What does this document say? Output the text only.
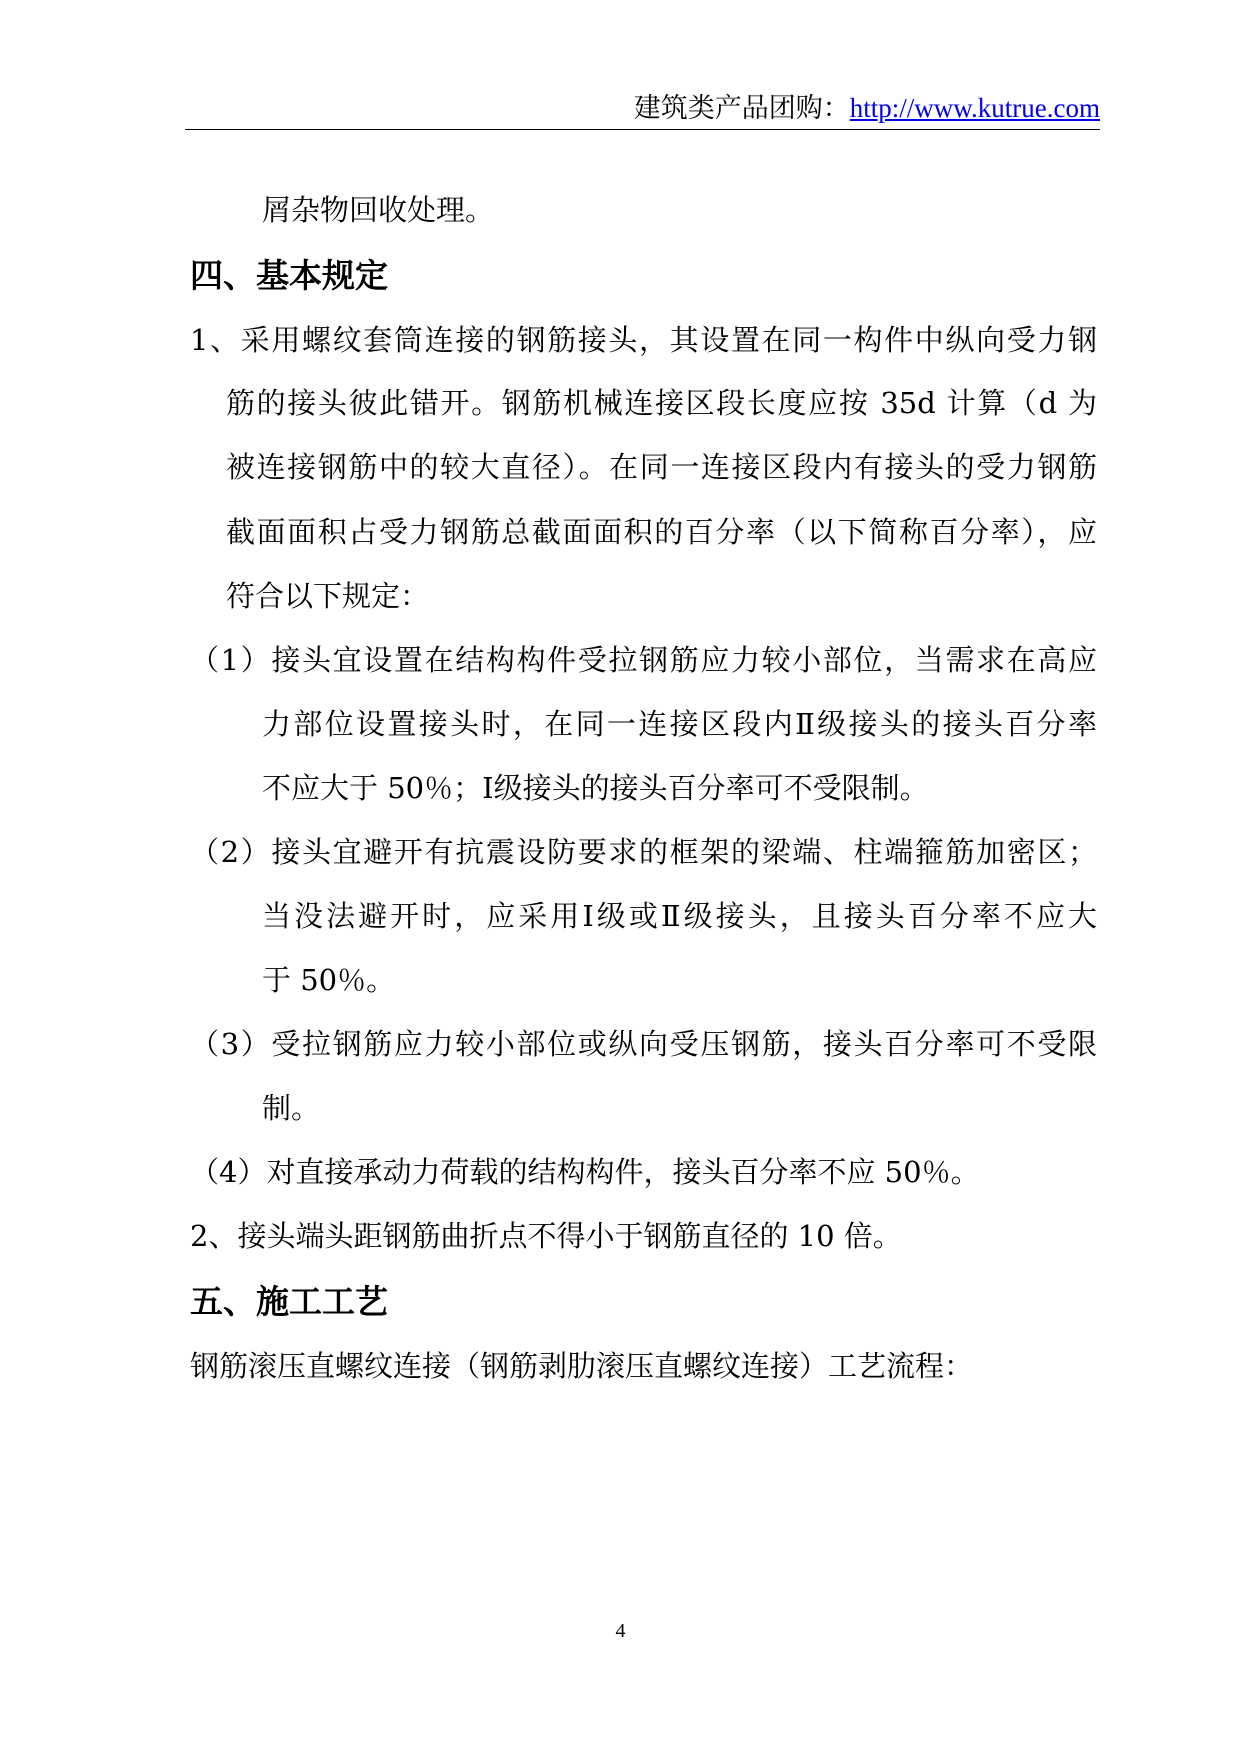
建筑类产品团购：http://www.kutrue.com
屑杂物回收处理。
四、基本规定
1、采用螺纹套筒连接的钢筋接头，其设置在同一构件中纵向受力钢
筋的接头彼此错开。钢筋机械连接区段长度应按 35d 计算（d 为
被连接钢筋中的较大直径）。在同一连接区段内有接头的受力钢筋
截面面积占受力钢筋总截面面积的百分率（以下简称百分率），应
符合以下规定：
（1）接头宜设置在结构构件受拉钢筋应力较小部位，当需求在高应
力部位设置接头时，在同一连接区段内Ⅱ级接头的接头百分率
不应大于 50％；Ⅰ级接头的接头百分率可不受限制。
（2）接头宜避开有抗震设防要求的框架的梁端、柱端箍筋加密区；
当没法避开时，应采用Ⅰ级或Ⅱ级接头，且接头百分率不应大
于 50％。
（3）受拉钢筋应力较小部位或纵向受压钢筋，接头百分率可不受限
制。
（4）对直接承动力荷载的结构构件，接头百分率不应 50％。
2、接头端头距钢筋曲折点不得小于钢筋直径的 10 倍。
五、施工工艺
钢筋滚压直螺纹连接（钢筋剥肋滚压直螺纹连接）工艺流程：
4
